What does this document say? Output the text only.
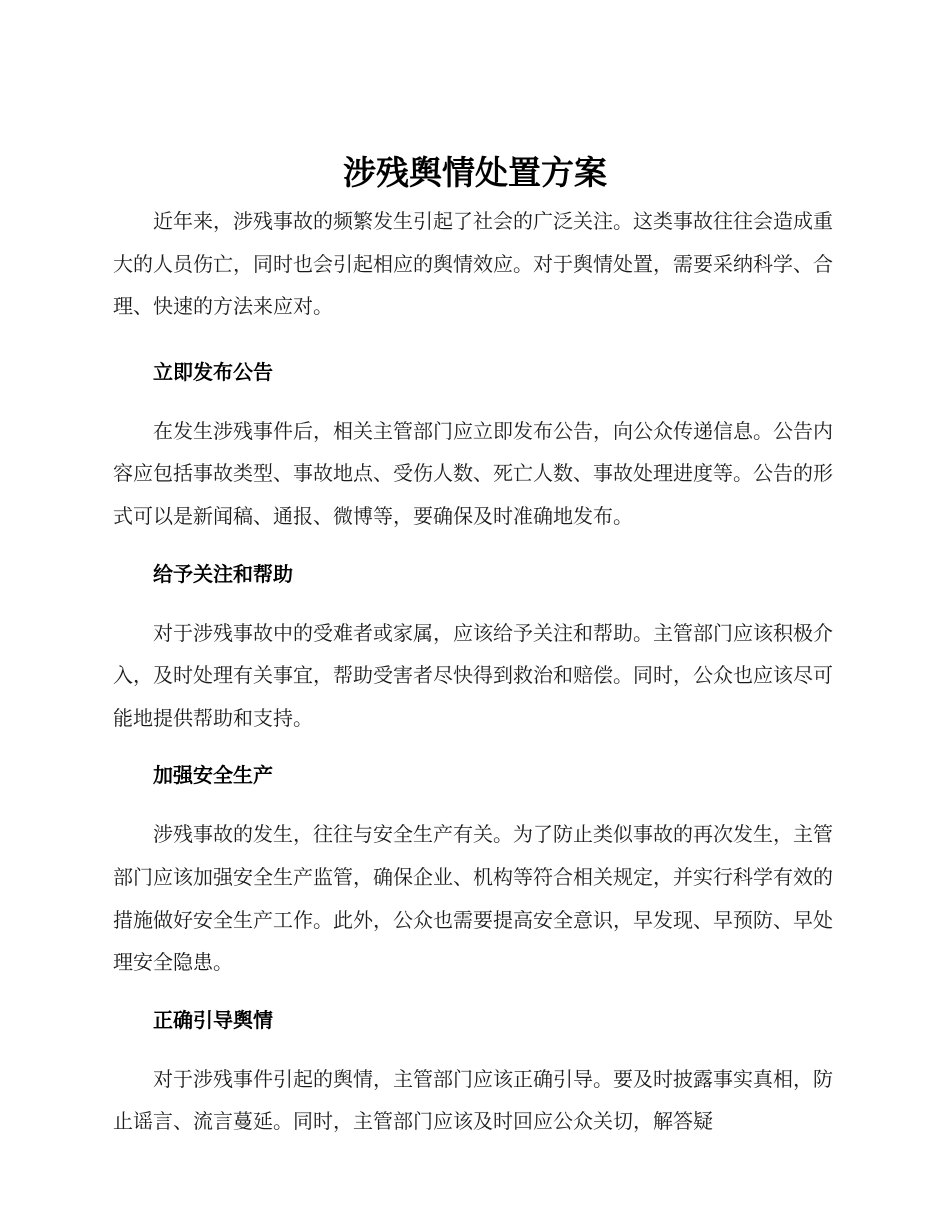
涉残舆情处置方案

近年来，涉残事故的频繁发生引起了社会的广泛关注。这类事故往往会造成重大的人员伤亡，同时也会引起相应的舆情效应。对于舆情处置，需要采纳科学、合理、快速的方法来应对。

立即发布公告

在发生涉残事件后，相关主管部门应立即发布公告，向公众传递信息。公告内容应包括事故类型、事故地点、受伤人数、死亡人数、事故处理进度等。公告的形式可以是新闻稿、通报、微博等，要确保及时准确地发布。

给予关注和帮助

对于涉残事故中的受难者或家属，应该给予关注和帮助。主管部门应该积极介入，及时处理有关事宜，帮助受害者尽快得到救治和赔偿。同时，公众也应该尽可能地提供帮助和支持。

加强安全生产

涉残事故的发生，往往与安全生产有关。为了防止类似事故的再次发生，主管部门应该加强安全生产监管，确保企业、机构等符合相关规定，并实行科学有效的措施做好安全生产工作。此外，公众也需要提高安全意识，早发现、早预防、早处理安全隐患。

正确引导舆情

对于涉残事件引起的舆情，主管部门应该正确引导。要及时披露事实真相，防止谣言、流言蔓延。同时，主管部门应该及时回应公众关切，解答疑
